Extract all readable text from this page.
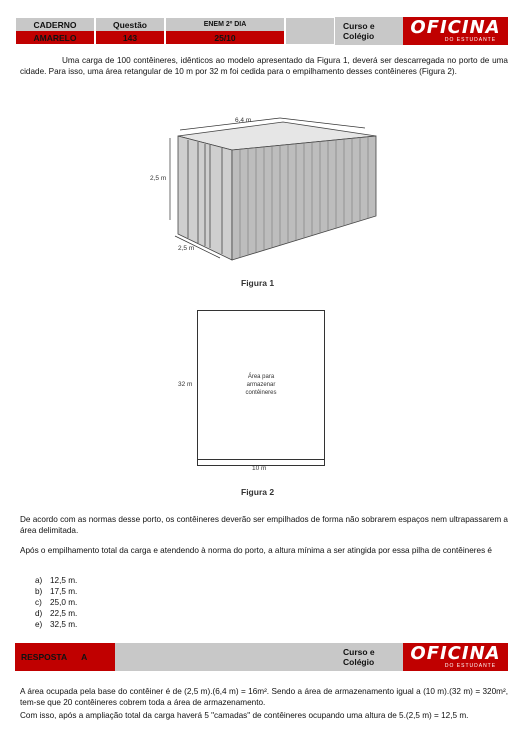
CADERNO
AMARELO
Questão
143
ENEM 2º DIA
25/10
Curso e
Colégio	OFICINA
DO ESTUDANTE
Uma carga de 100 contêineres, idênticos ao modelo apresentado da Figura 1, deverá ser descarregada no porto de uma cidade. Para isso, uma área retangular de 10 m por 32 m foi cedida para o empilhamento desses contêineres (Figura 2).
6,4 m
2,5 m
2,5 m
Figura 1
Área para
armazenar
contêineres
32 m
10 m
Figura 2
De acordo com as normas desse porto, os contêineres deverão ser empilhados de forma não sobrarem espaços nem ultrapassarem a área delimitada.
Após o empilhamento total da carga e atendendo à norma do porto, a altura mínima a ser atingida por essa pilha de contêineres é
a) 12,5 m.
b) 17,5 m.
c) 25,0 m.
d) 22,5 m.
e) 32,5 m.
RESPOSTA A	Curso e
Colégio	OFICINA
DO ESTUDANTE
A área ocupada pela base do contêiner é de (2,5 m).(6,4 m) = 16m². Sendo a área de armazenamento igual a (10 m).(32 m) = 320m², tem-se que 20 contêineres cobrem toda a área de armazenamento.
Com isso, após a ampliação total da carga haverá 5 "camadas" de contêineres ocupando uma altura de 5.(2,5 m) = 12,5 m.
